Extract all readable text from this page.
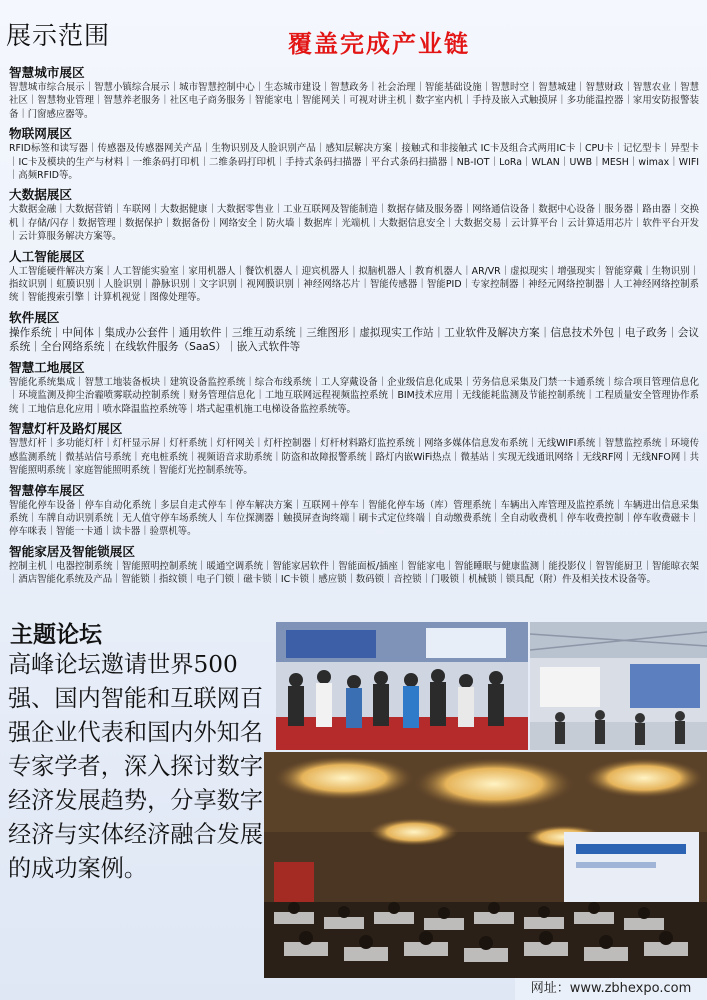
展示范围	覆盖完成产业链
智慧城市展区
智慧城市综合展示｜智慧小镇综合展示｜城市智慧控制中心｜生态城市建设｜智慧政务｜社会治理｜智能基础设施｜智慧时空｜智慧城建｜智慧财政｜智慧农业｜智慧社区｜智慧物业管理｜智慧养老服务｜社区电子商务服务｜智能家电｜智能网关｜可视对讲主机｜数字室内机｜手持及嵌入式触摸屏｜多功能温控器｜家用安防报警装备｜门窗感应器等。
物联网展区
RFID标签和读写器｜传感器及传感器网关产品｜生物识别及人脸识别产品｜感知层解决方案｜接触式和非接触式 IC卡及组合式两用IC卡｜CPU卡｜记忆型卡｜异型卡｜IC卡及模块的生产与材料｜一维条码打印机｜二维条码打印机｜手持式条码扫描器｜平台式条码扫描器｜NB-IOT｜LoRa｜WLAN｜UWB｜MESH｜wimax｜WIFI｜高频RFID等。
大数据展区
大数据金融｜大数据营销｜车联网｜大数据健康｜大数据零售业｜工业互联网及智能制造｜数据存储及服务器｜网络通信设备｜数据中心设备｜服务器｜路由器｜交换机｜存储/闪存｜数据管理｜数据保护｜数据备份｜网络安全｜防火墙｜数据库｜光端机｜大数据信息安全｜大数据交易｜云计算平台｜云计算适用芯片｜软件平台开发｜云计算服务解决方案等。
人工智能展区
人工智能硬件解决方案｜人工智能实验室｜家用机器人｜餐饮机器人｜迎宾机器人｜拟脑机器人｜教育机器人｜AR/VR｜虚拟现实｜增强现实｜智能穿戴｜生物识别｜指纹识别｜虹膜识别｜人脸识别｜静脉识别｜文字识别｜视网膜识别｜神经网络芯片｜智能传感器｜智能PID｜专家控制器｜神经元网络控制器｜人工神经网络控制系统｜智能搜索引擎｜计算机视觉｜图像处理等。
软件展区
操作系统｜中间体｜集成办公套件｜通用软件｜三维互动系统｜三维图形｜虚拟现实工作站｜工业软件及解决方案｜信息技术外包｜电子政务｜会议系统｜全台网络系统｜在线软件服务（SaaS）｜嵌入式软件等
智慧工地展区
智能化系统集成｜智慧工地装备板块｜建筑设备监控系统｜综合布线系统｜工人穿戴设备｜企业级信息化成果｜劳务信息采集及门禁一卡通系统｜综合项目管理信息化｜环境监测及抑尘治霾喷雾联动控制系统｜财务管理信息化｜工地互联网远程视频监控系统｜BIM技术应用｜无线能耗监测及节能控制系统｜工程质量安全管理协作系统｜工地信息化应用｜喷水降温监控系统等｜塔式起重机施工电梯设备监控系统等。
智慧灯杆及路灯展区
智慧灯杆｜多功能灯杆｜灯杆显示屏｜灯杆系统｜灯杆网关｜灯杆控制器｜灯杆材料路灯监控系统｜网络多媒体信息发布系统｜无线WIFI系统｜智慧监控系统｜环境传感监测系统｜微基站信号系统｜充电桩系统｜视频语音求助系统｜防盗和故障报警系统｜路灯内嵌WiFi热点｜微基站｜实现无线通讯网络｜无线RF网｜无线NFO网｜共智能照明系统｜家庭智能照明系统｜智能灯光控制系统等。
智慧停车展区
智能化停车设备｜停车自动化系统｜多层自走式停车｜停车解决方案｜互联网＋停车｜智能化停车场（库）管理系统｜车辆出入库管理及监控系统｜车辆进出信息采集系统｜车牌自动识别系统｜无人值守停车场系统人｜车位探测器｜触摸屏查询终端｜刷卡式定位终端｜自动缴费系统｜全自动收费机｜停车收费控制｜停车收费磁卡｜停车咪表｜智能一卡通｜读卡器｜验票机等。
智能家居及智能锁展区
控制主机｜电器控制系统｜智能照明控制系统｜暖通空调系统｜智能家居软件｜智能面板/插座｜智能家电｜智能睡眠与健康监测｜能投影仪｜智智能厨卫｜智能晾衣架｜酒店智能化系统及产品｜智能锁｜指纹锁｜电子门锁｜磁卡锁｜IC卡锁｜感应锁｜数码锁｜音控锁｜门吸锁｜机械锁｜锁具配（附）件及相关技术设备等。
主题论坛
高峰论坛邀请世界500强、国内智能和互联网百强企业代表和国内外知名专家学者，深入探讨数字经济发展趋势，分享数字经济与实体经济融合发展的成功案例。
网址：www.zbhexpo.com
